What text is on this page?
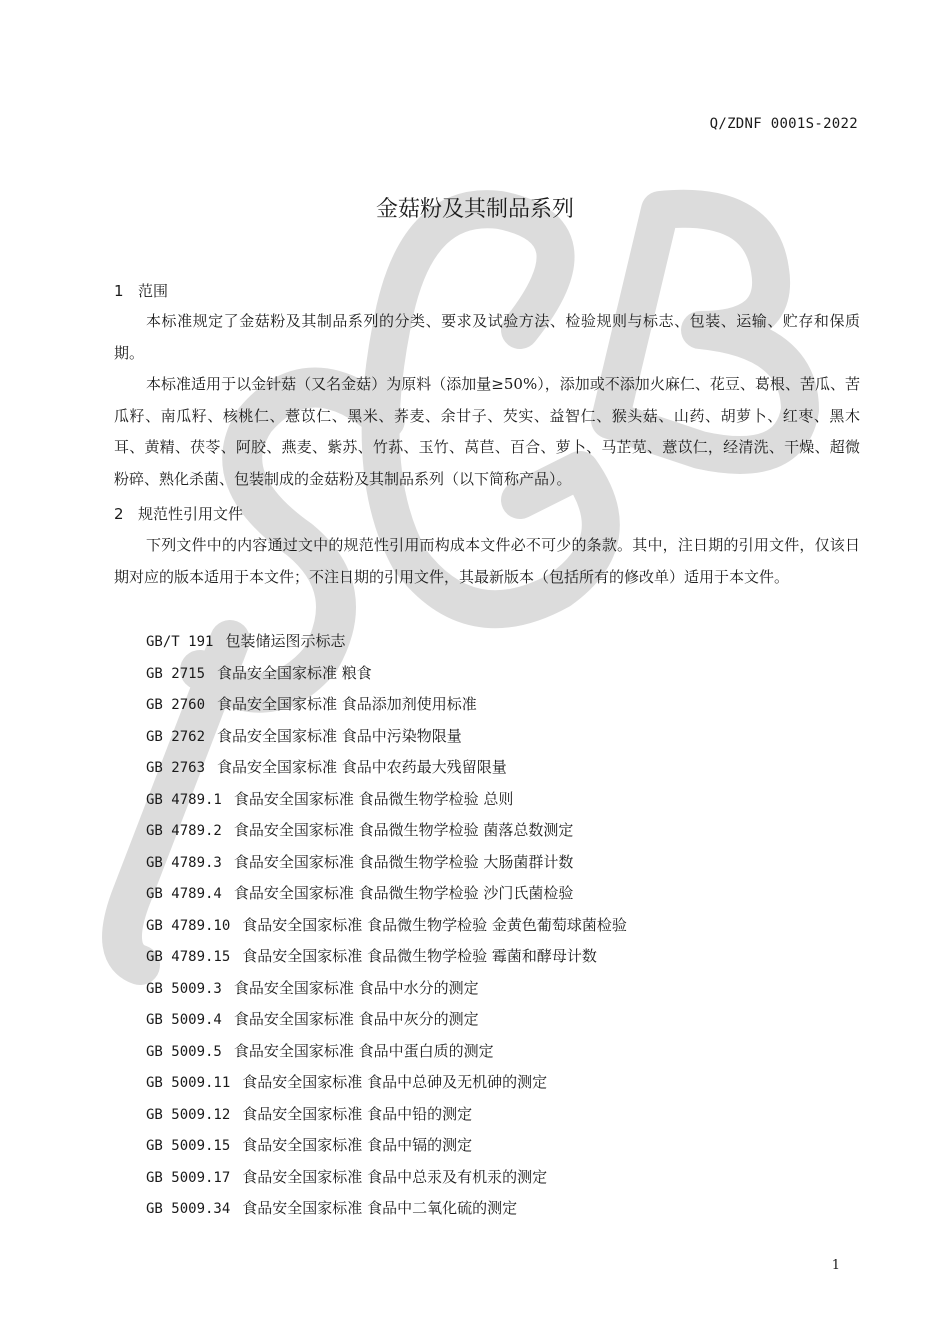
Q/ZDNF 0001S-2022
金菇粉及其制品系列
1 范围
本标准规定了金菇粉及其制品系列的分类、要求及试验方法、检验规则与标志、包装、运输、贮存和保质期。
本标准适用于以金针菇（又名金菇）为原料（添加量≥50%），添加或不添加火麻仁、花豆、葛根、苦瓜、苦瓜籽、南瓜籽、核桃仁、薏苡仁、黑米、荞麦、余甘子、芡实、益智仁、猴头菇、山药、胡萝卜、红枣、黑木耳、黄精、茯苓、阿胶、燕麦、紫苏、竹荪、玉竹、莴苣、百合、萝卜、马芷苋、薏苡仁，经清洗、干燥、超微粉碎、熟化杀菌、包装制成的金菇粉及其制品系列（以下简称产品）。
2 规范性引用文件
下列文件中的内容通过文中的规范性引用而构成本文件必不可少的条款。其中，注日期的引用文件，仅该日期对应的版本适用于本文件；不注日期的引用文件，其最新版本（包括所有的修改单）适用于本文件。
GB/T 191 包装储运图示标志
GB 2715 食品安全国家标准 粮食
GB 2760 食品安全国家标准 食品添加剂使用标准
GB 2762 食品安全国家标准 食品中污染物限量
GB 2763 食品安全国家标准 食品中农药最大残留限量
GB 4789.1 食品安全国家标准 食品微生物学检验 总则
GB 4789.2 食品安全国家标准 食品微生物学检验 菌落总数测定
GB 4789.3 食品安全国家标准 食品微生物学检验 大肠菌群计数
GB 4789.4 食品安全国家标准 食品微生物学检验 沙门氏菌检验
GB 4789.10 食品安全国家标准 食品微生物学检验 金黄色葡萄球菌检验
GB 4789.15 食品安全国家标准 食品微生物学检验 霉菌和酵母计数
GB 5009.3 食品安全国家标准 食品中水分的测定
GB 5009.4 食品安全国家标准 食品中灰分的测定
GB 5009.5 食品安全国家标准 食品中蛋白质的测定
GB 5009.11 食品安全国家标准 食品中总砷及无机砷的测定
GB 5009.12 食品安全国家标准 食品中铅的测定
GB 5009.15 食品安全国家标准 食品中镉的测定
GB 5009.17 食品安全国家标准 食品中总汞及有机汞的测定
GB 5009.34 食品安全国家标准 食品中二氧化硫的测定
1
